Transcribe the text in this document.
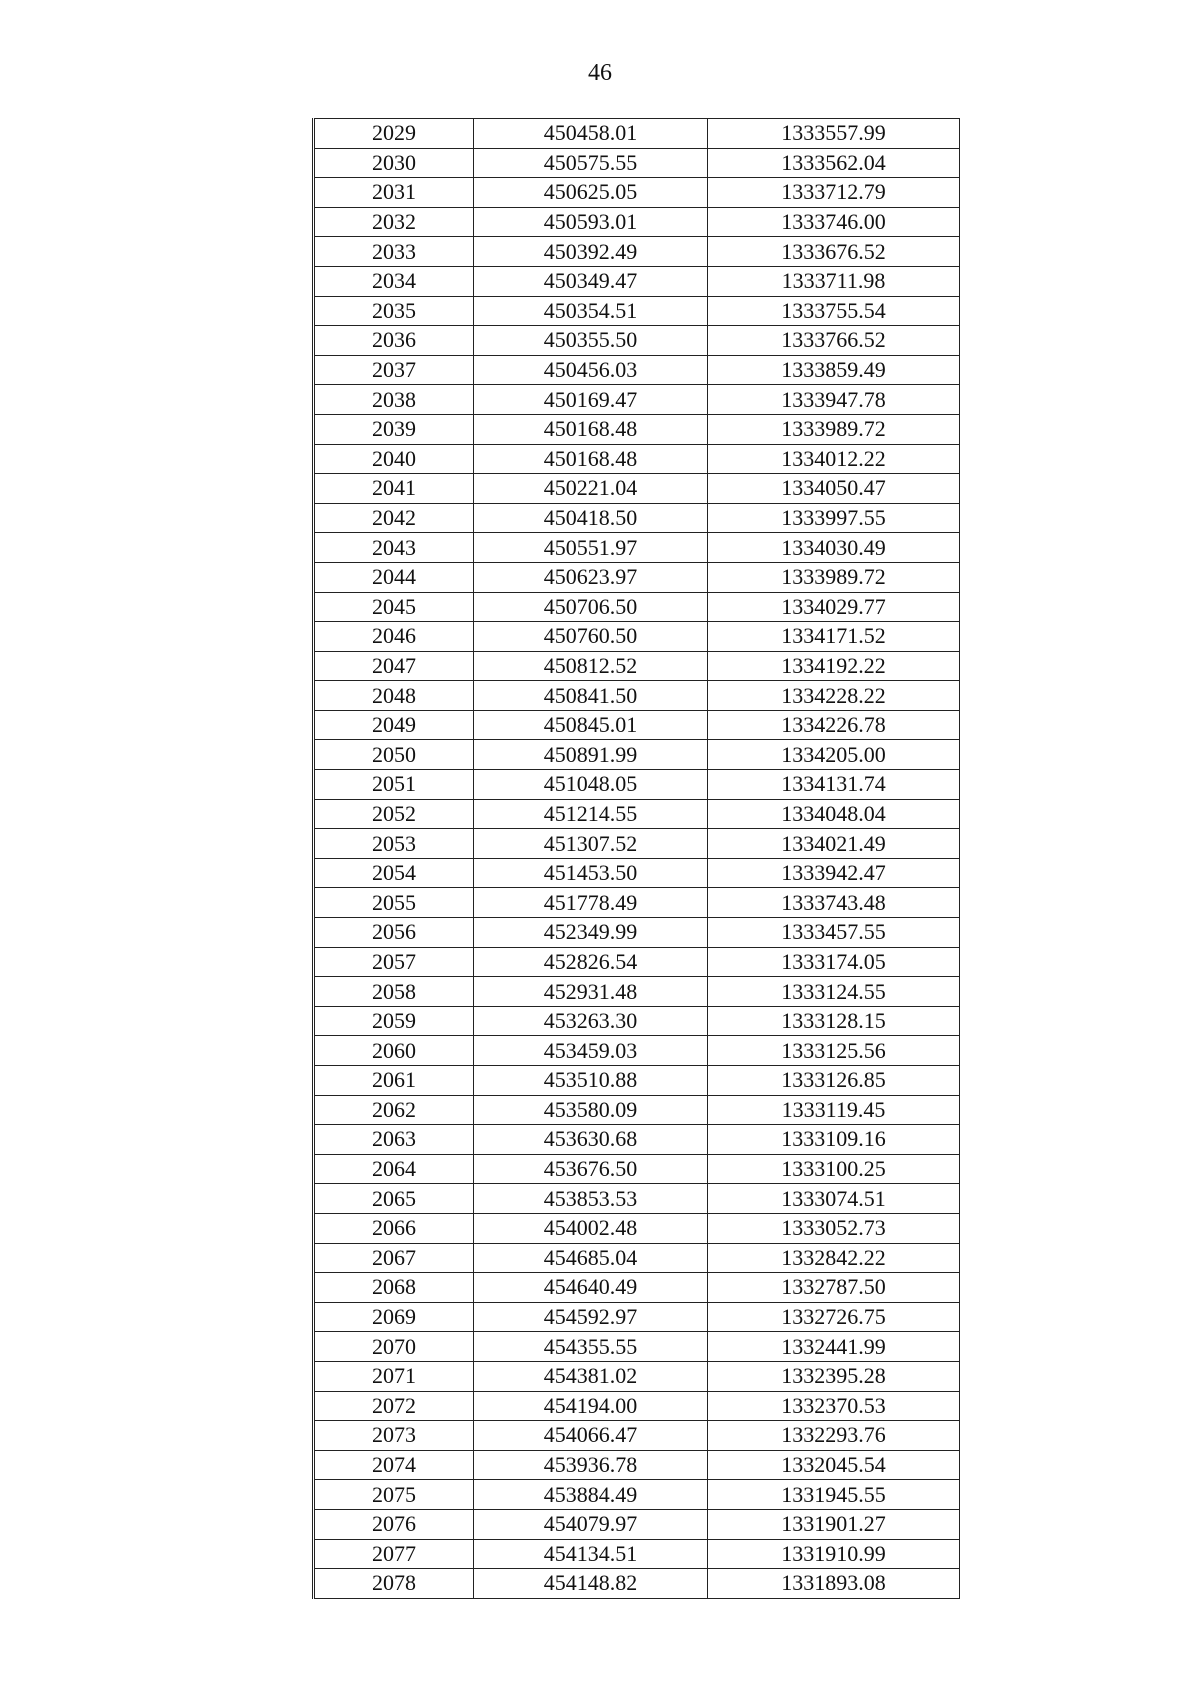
46
2029	450458.01	1333557.99
2030	450575.55	1333562.04
2031	450625.05	1333712.79
2032	450593.01	1333746.00
2033	450392.49	1333676.52
2034	450349.47	1333711.98
2035	450354.51	1333755.54
2036	450355.50	1333766.52
2037	450456.03	1333859.49
2038	450169.47	1333947.78
2039	450168.48	1333989.72
2040	450168.48	1334012.22
2041	450221.04	1334050.47
2042	450418.50	1333997.55
2043	450551.97	1334030.49
2044	450623.97	1333989.72
2045	450706.50	1334029.77
2046	450760.50	1334171.52
2047	450812.52	1334192.22
2048	450841.50	1334228.22
2049	450845.01	1334226.78
2050	450891.99	1334205.00
2051	451048.05	1334131.74
2052	451214.55	1334048.04
2053	451307.52	1334021.49
2054	451453.50	1333942.47
2055	451778.49	1333743.48
2056	452349.99	1333457.55
2057	452826.54	1333174.05
2058	452931.48	1333124.55
2059	453263.30	1333128.15
2060	453459.03	1333125.56
2061	453510.88	1333126.85
2062	453580.09	1333119.45
2063	453630.68	1333109.16
2064	453676.50	1333100.25
2065	453853.53	1333074.51
2066	454002.48	1333052.73
2067	454685.04	1332842.22
2068	454640.49	1332787.50
2069	454592.97	1332726.75
2070	454355.55	1332441.99
2071	454381.02	1332395.28
2072	454194.00	1332370.53
2073	454066.47	1332293.76
2074	453936.78	1332045.54
2075	453884.49	1331945.55
2076	454079.97	1331901.27
2077	454134.51	1331910.99
2078	454148.82	1331893.08
